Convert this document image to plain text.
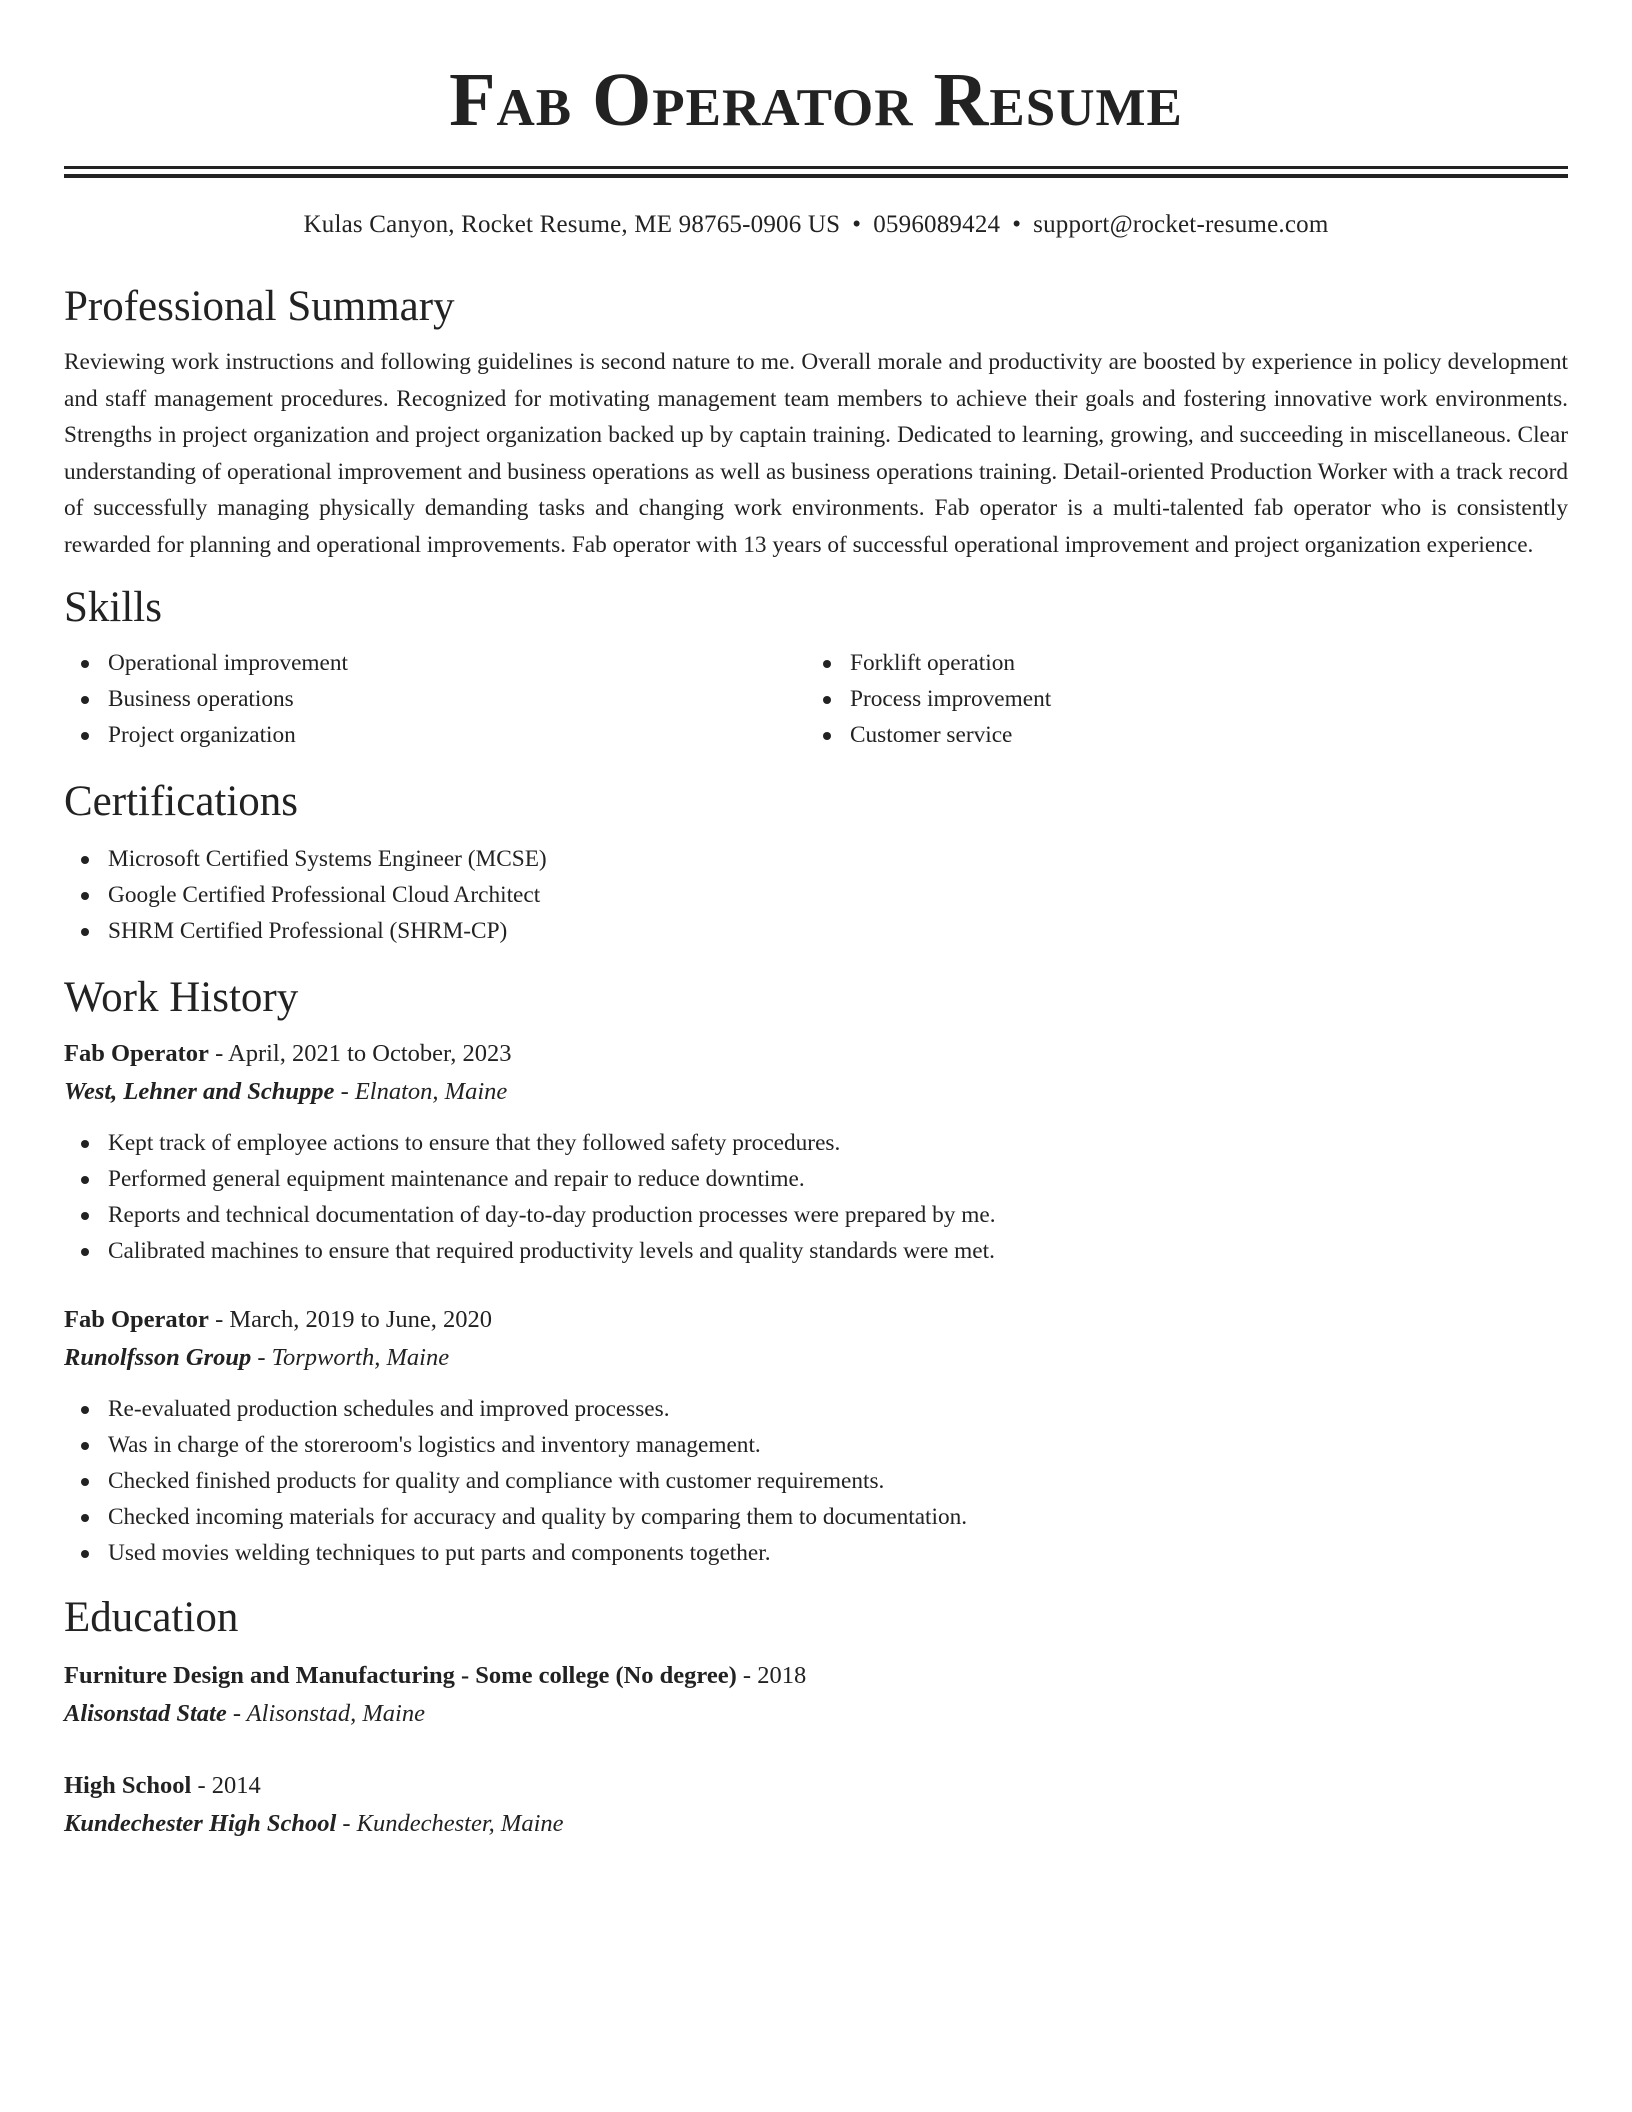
Fab Operator Resume
Kulas Canyon, Rocket Resume, ME 98765-0906 US • 0596089424 • support@rocket-resume.com
Professional Summary

Reviewing work instructions and following guidelines is second nature to me. Overall morale and productivity are boosted by experience in policy development and staff management procedures. Recognized for motivating management team members to achieve their goals and fostering innovative work environments. Strengths in project organization and project organization backed up by captain training. Dedicated to learning, growing, and succeeding in miscellaneous. Clear understanding of operational improvement and business operations as well as business operations training. Detail-oriented Production Worker with a track record of successfully managing physically demanding tasks and changing work environments. Fab operator is a multi-talented fab operator who is consistently rewarded for planning and operational improvements. Fab operator with 13 years of successful operational improvement and project organization experience.

Skills
Operational improvement
Business operations
Project organization
Forklift operation
Process improvement
Customer service
Certifications
Microsoft Certified Systems Engineer (MCSE)
Google Certified Professional Cloud Architect
SHRM Certified Professional (SHRM-CP)
Work History
Fab Operator - April, 2021 to October, 2023
West, Lehner and Schuppe - Elnaton, Maine
Kept track of employee actions to ensure that they followed safety procedures.
Performed general equipment maintenance and repair to reduce downtime.
Reports and technical documentation of day-to-day production processes were prepared by me.
Calibrated machines to ensure that required productivity levels and quality standards were met.
Fab Operator - March, 2019 to June, 2020
Runolfsson Group - Torpworth, Maine
Re-evaluated production schedules and improved processes.
Was in charge of the storeroom's logistics and inventory management.
Checked finished products for quality and compliance with customer requirements.
Checked incoming materials for accuracy and quality by comparing them to documentation.
Used movies welding techniques to put parts and components together.
Education
Furniture Design and Manufacturing - Some college (No degree) - 2018
Alisonstad State - Alisonstad, Maine
High School - 2014
Kundechester High School - Kundechester, Maine
